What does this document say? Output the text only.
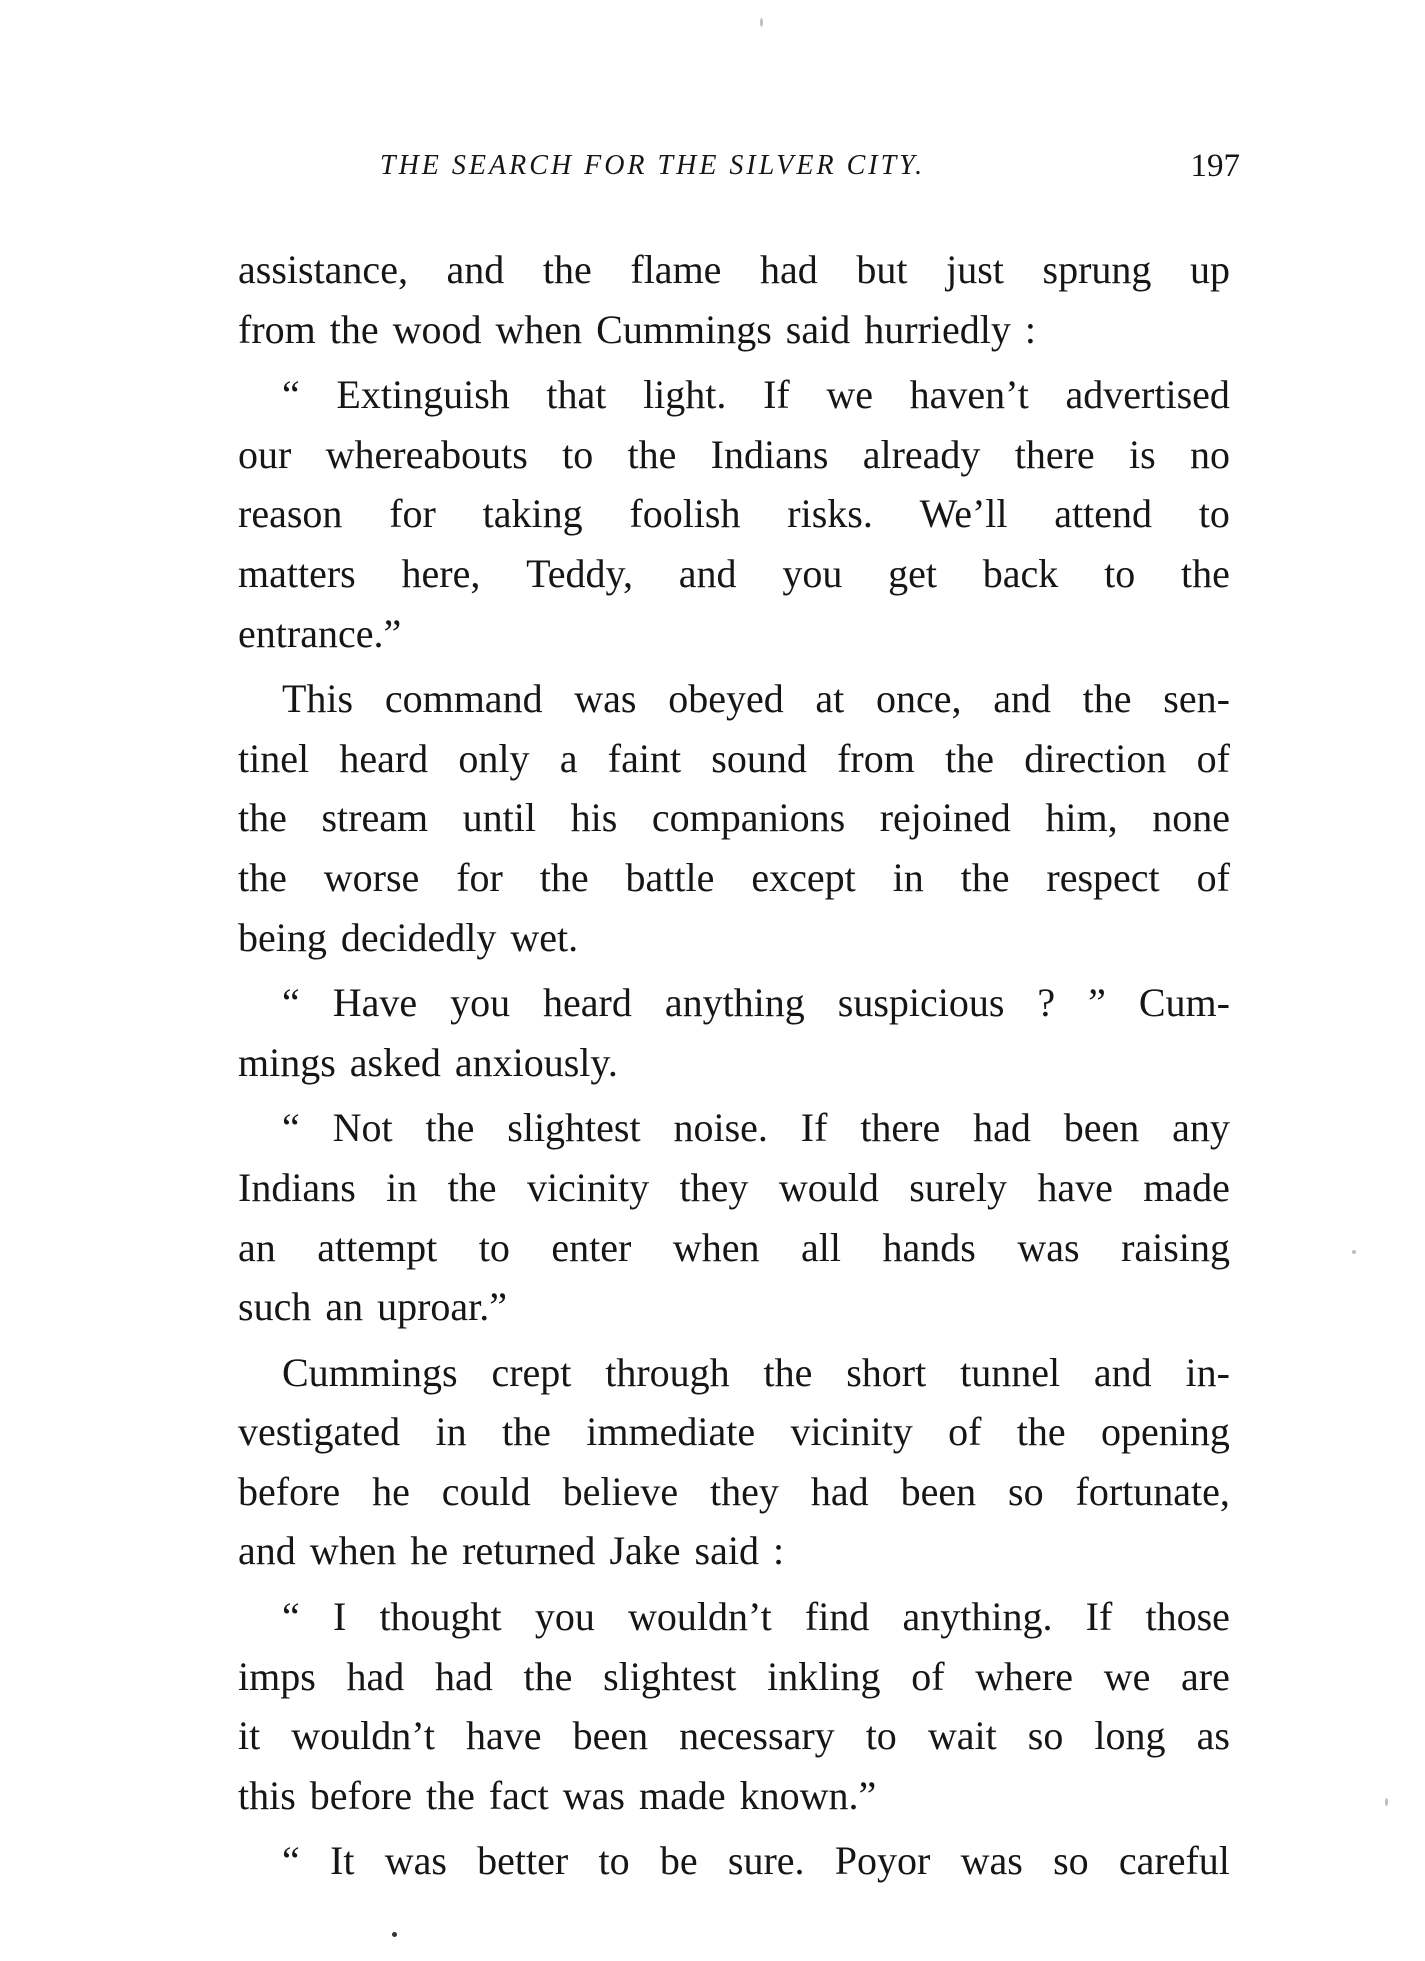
THE SEARCH FOR THE SILVER CITY.	197
assistance, and the flame had but just sprung up
from the wood when Cummings said hurriedly :
“ Extinguish that light. If we haven’t advertised
our whereabouts to the Indians already there is no
reason for taking foolish risks. We’ll attend to
matters here, Teddy, and you get back to the
entrance.”
This command was obeyed at once, and the sen-
tinel heard only a faint sound from the direction of
the stream until his companions rejoined him, none
the worse for the battle except in the respect of
being decidedly wet.
“ Have you heard anything suspicious ? ” Cum-
mings asked anxiously.
“ Not the slightest noise. If there had been any
Indians in the vicinity they would surely have made
an attempt to enter when all hands was raising
such an uproar.”
Cummings crept through the short tunnel and in-
vestigated in the immediate vicinity of the opening
before he could believe they had been so fortunate,
and when he returned Jake said :
“ I thought you wouldn’t find anything. If those
imps had had the slightest inkling of where we are
it wouldn’t have been necessary to wait so long as
this before the fact was made known.”
“ It was better to be sure. Poyor was so careful
